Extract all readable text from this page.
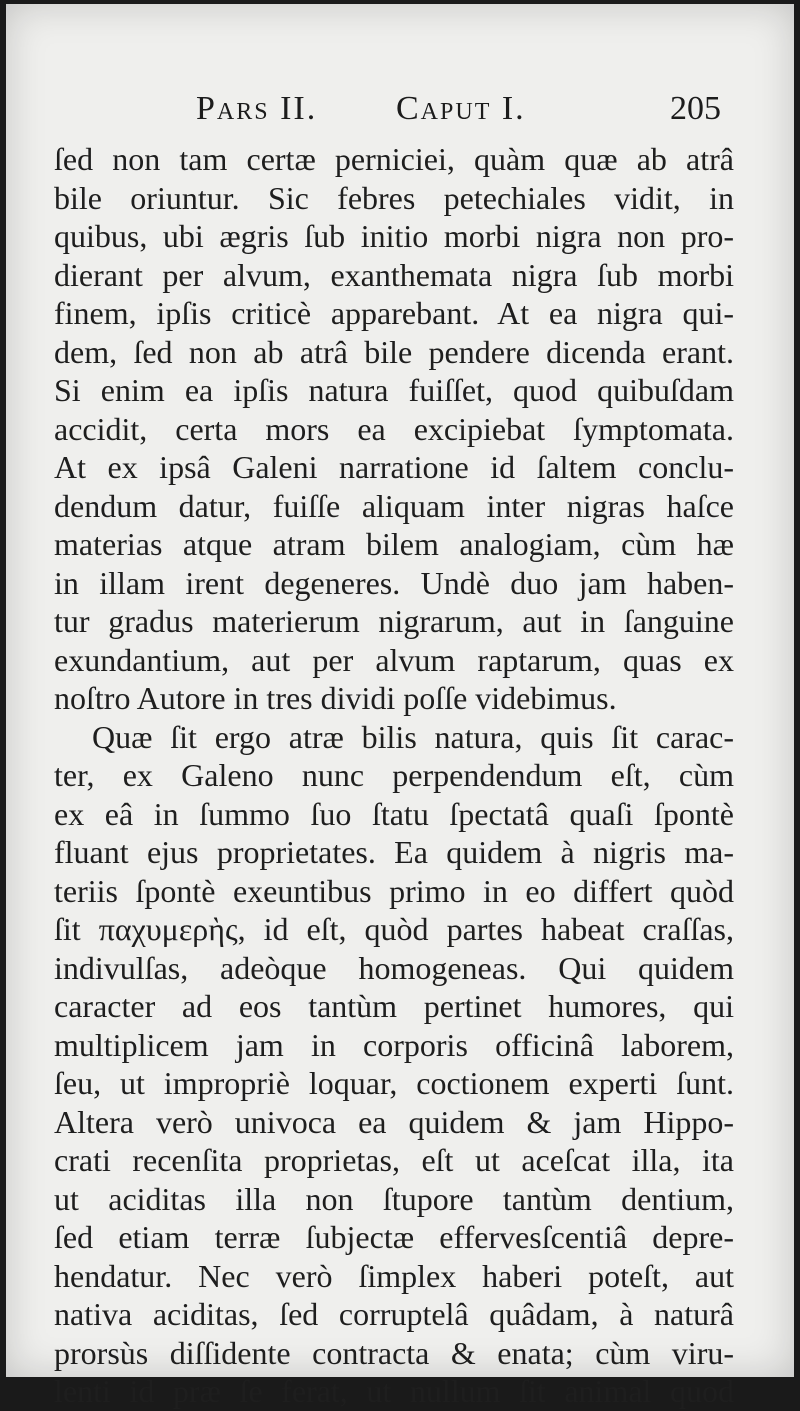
Pars II. Caput I.	205
ſed non tam certæ perniciei, quàm quæ ab atrâ
bile oriuntur. Sic febres petechiales vidit, in
quibus, ubi ægris ſub initio morbi nigra non pro-
dierant per alvum, exanthemata nigra ſub morbi
finem, ipſis criticè apparebant. At ea nigra qui-
dem, ſed non ab atrâ bile pendere dicenda erant.
Si enim ea ipſis natura fuiſſet, quod quibuſdam
accidit, certa mors ea excipiebat ſymptomata.
At ex ipsâ Galeni narratione id ſaltem conclu-
dendum datur, fuiſſe aliquam inter nigras haſce
materias atque atram bilem analogiam, cùm hæ
in illam irent degeneres. Undè duo jam haben-
tur gradus materierum nigrarum, aut in ſanguine
exundantium, aut per alvum raptarum, quas ex
noſtro Autore in tres dividi poſſe videbimus.
Quæ ſit ergo atræ bilis natura, quis ſit carac-
ter, ex Galeno nunc perpendendum eſt, cùm
ex eâ in ſummo ſuo ſtatu ſpectatâ quaſi ſpontè
fluant ejus proprietates. Ea quidem à nigris ma-
teriis ſpontè exeuntibus primo in eo differt quòd
ſit παχυμερὴς, id eſt, quòd partes habeat craſſas,
indivulſas, adeòque homogeneas. Qui quidem
caracter ad eos tantùm pertinet humores, qui
multiplicem jam in corporis officinâ laborem,
ſeu, ut impropriè loquar, coctionem experti ſunt.
Altera verò univoca ea quidem & jam Hippo-
crati recenſita proprietas, eſt ut aceſcat illa, ita
ut aciditas illa non ſtupore tantùm dentium,
ſed etiam terræ ſubjectæ effervesſcentiâ depre-
hendatur. Nec verò ſimplex haberi poteſt, aut
nativa aciditas, ſed corruptelâ quâdam, à naturâ
prorsùs diſſidente contracta & enata; cùm viru-
lenti id præ ſe ferat, ut nullum ſit animal quod
